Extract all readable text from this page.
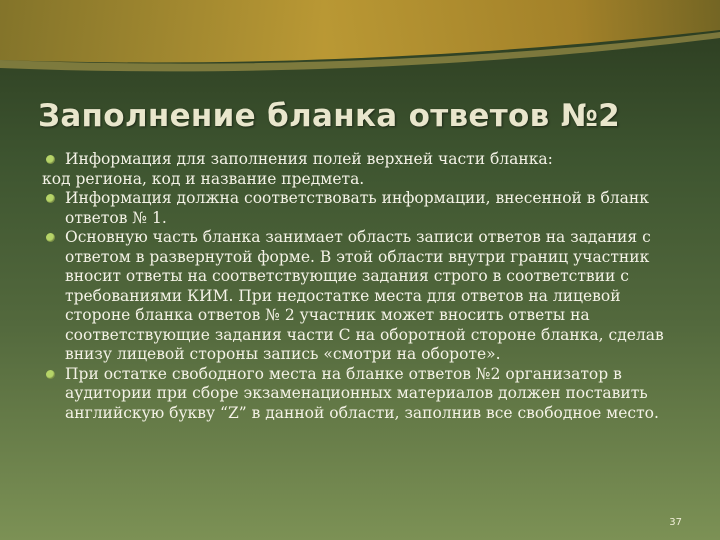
Заполнение бланка ответов №2
Информация для заполнения полей верхней части бланка:
код региона, код и название предмета.
Информация должна соответствовать информации, внесенной в бланк ответов № 1.
Основную часть бланка занимает область записи ответов на задания с ответом в развернутой форме. В этой области внутри границ участник вносит ответы на соответствующие задания строго в соответствии с требованиями КИМ. При недостатке места для ответов на лицевой стороне бланка ответов № 2 участник может вносить ответы на соответствующие задания части С на оборотной стороне бланка, сделав внизу лицевой стороны запись «смотри на обороте».
При остатке свободного места на бланке ответов №2 организатор в аудитории при сборе экзаменационных материалов должен поставить английскую букву “Z” в данной области, заполнив все свободное место.
37
